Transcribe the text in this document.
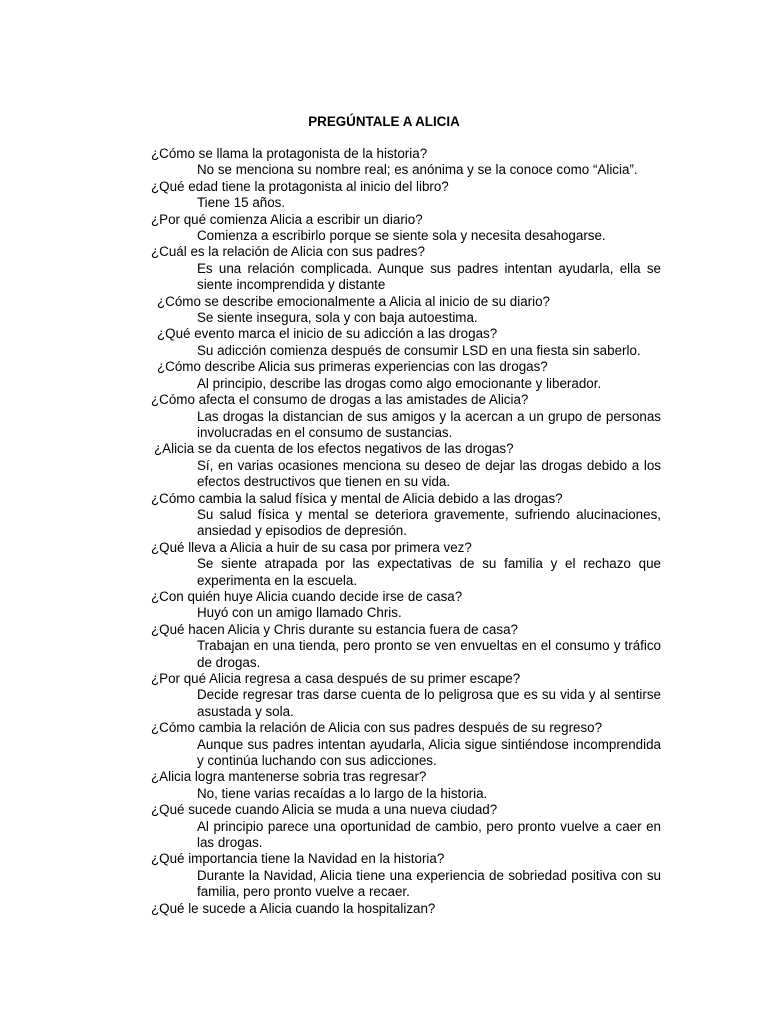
PREGÚNTALE A ALICIA
¿Cómo se llama la protagonista de la historia?
No se menciona su nombre real; es anónima y se la conoce como “Alicia”.
¿Qué edad tiene la protagonista al inicio del libro?
Tiene 15 años.
¿Por qué comienza Alicia a escribir un diario?
Comienza a escribirlo porque se siente sola y necesita desahogarse.
¿Cuál es la relación de Alicia con sus padres?
Es una relación complicada. Aunque sus padres intentan ayudarla, ella se siente incomprendida y distante
¿Cómo se describe emocionalmente a Alicia al inicio de su diario?
Se siente insegura, sola y con baja autoestima.
¿Qué evento marca el inicio de su adicción a las drogas?
Su adicción comienza después de consumir LSD en una fiesta sin saberlo.
¿Cómo describe Alicia sus primeras experiencias con las drogas?
Al principio, describe las drogas como algo emocionante y liberador.
¿Cómo afecta el consumo de drogas a las amistades de Alicia?
Las drogas la distancian de sus amigos y la acercan a un grupo de personas involucradas en el consumo de sustancias.
¿Alicia se da cuenta de los efectos negativos de las drogas?
Sí, en varias ocasiones menciona su deseo de dejar las drogas debido a los efectos destructivos que tienen en su vida.
¿Cómo cambia la salud física y mental de Alicia debido a las drogas?
Su salud física y mental se deteriora gravemente, sufriendo alucinaciones, ansiedad y episodios de depresión.
¿Qué lleva a Alicia a huir de su casa por primera vez?
Se siente atrapada por las expectativas de su familia y el rechazo que experimenta en la escuela.
¿Con quién huye Alicia cuando decide irse de casa?
Huyó con un amigo llamado Chris.
¿Qué hacen Alicia y Chris durante su estancia fuera de casa?
Trabajan en una tienda, pero pronto se ven envueltas en el consumo y tráfico de drogas.
¿Por qué Alicia regresa a casa después de su primer escape?
Decide regresar tras darse cuenta de lo peligrosa que es su vida y al sentirse asustada y sola.
¿Cómo cambia la relación de Alicia con sus padres después de su regreso?
Aunque sus padres intentan ayudarla, Alicia sigue sintiéndose incomprendida y continúa luchando con sus adicciones.
¿Alicia logra mantenerse sobria tras regresar?
No, tiene varias recaídas a lo largo de la historia.
¿Qué sucede cuando Alicia se muda a una nueva ciudad?
Al principio parece una oportunidad de cambio, pero pronto vuelve a caer en las drogas.
¿Qué importancia tiene la Navidad en la historia?
Durante la Navidad, Alicia tiene una experiencia de sobriedad positiva con su familia, pero pronto vuelve a recaer.
¿Qué le sucede a Alicia cuando la hospitalizan?
